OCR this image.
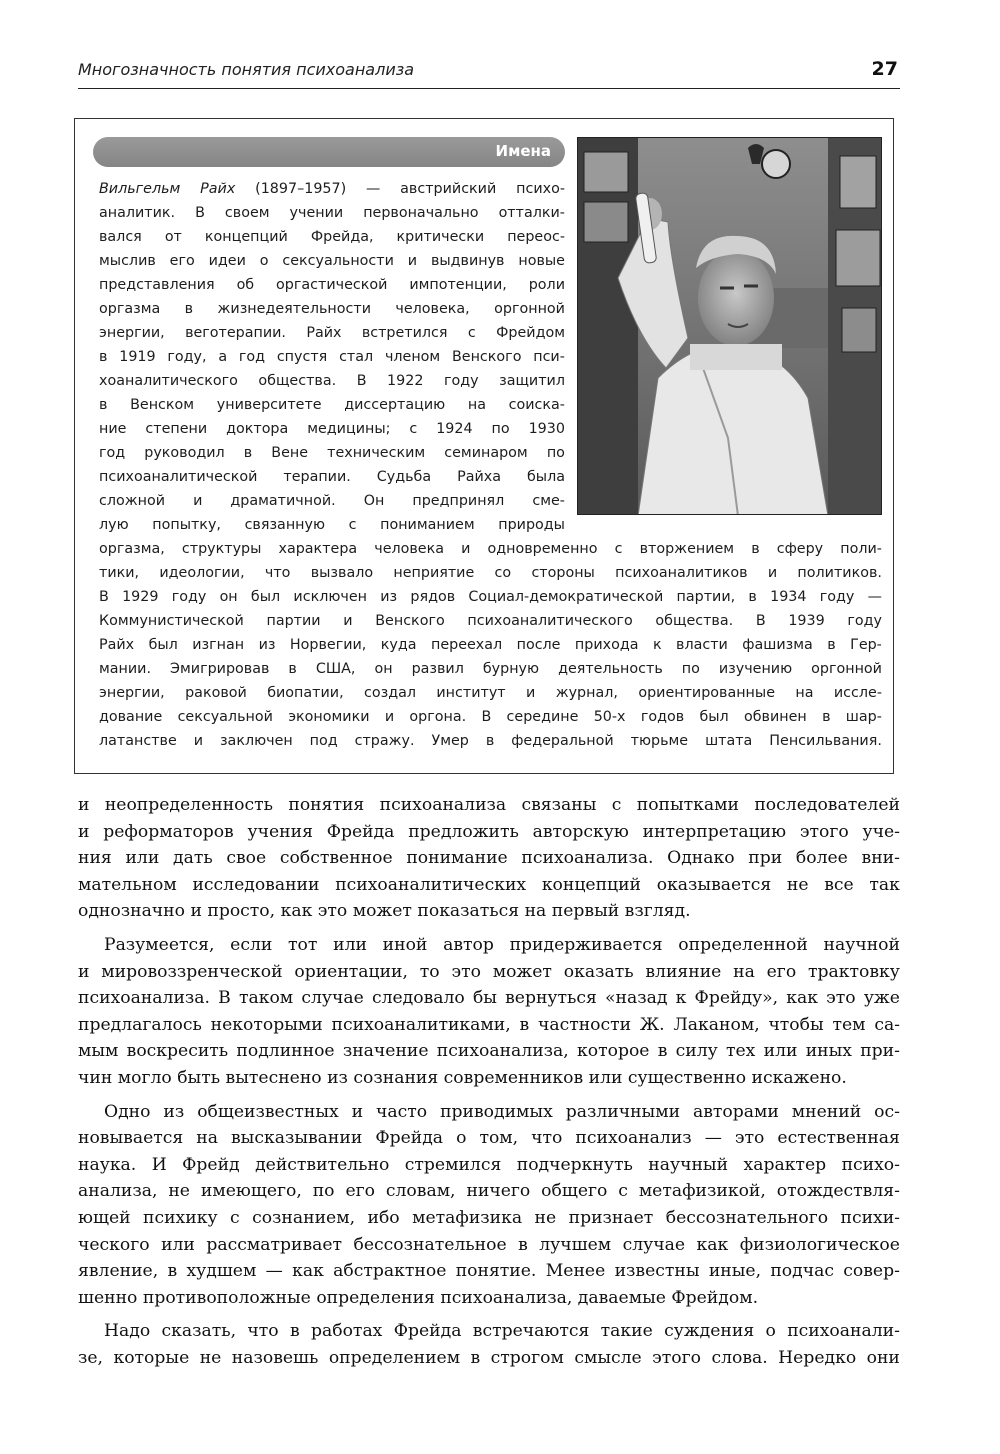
Многозначность понятия психоанализа	27
Имена
Вильгельм Райх (1897–1957) — австрийский психо-
аналитик. В своем учении первоначально отталки-
вался от концепций Фрейда, критически переос-
мыслив его идеи о сексуальности и выдвинув новые
представления об оргастической импотенции, роли
оргазма в жизнедеятельности человека, оргонной
энергии, веготерапии. Райх встретился с Фрейдом
в 1919 году, а год спустя стал членом Венского пси-
хоаналитического общества. В 1922 году защитил
в Венском университете диссертацию на соиска-
ние степени доктора медицины; с 1924 по 1930
год руководил в Вене техническим семинаром по
психоаналитической терапии. Судьба Райха была
сложной и драматичной. Он предпринял сме-
лую попытку, связанную с пониманием природы
оргазма, структуры характера человека и одновременно с вторжением в сферу поли-
тики, идеологии, что вызвало неприятие со стороны психоаналитиков и политиков.
В 1929 году он был исключен из рядов Социал-демократической партии, в 1934 году —
Коммунистической партии и Венского психоаналитического общества. В 1939 году
Райх был изгнан из Норвегии, куда переехал после прихода к власти фашизма в Гер-
мании. Эмигрировав в США, он развил бурную деятельность по изучению оргонной
энергии, раковой биопатии, создал институт и журнал, ориентированные на иссле-
дование сексуальной экономики и оргона. В середине 50-х годов был обвинен в шар-
латанстве и заключен под стражу. Умер в федеральной тюрьме штата Пенсильвания.
и неопределенность понятия психоанализа связаны с попытками последователей
и реформаторов учения Фрейда предложить авторскую интерпретацию этого уче-
ния или дать свое собственное понимание психоанализа. Однако при более вни-
мательном исследовании психоаналитических концепций оказывается не все так
однозначно и просто, как это может показаться на первый взгляд.
Разумеется, если тот или иной автор придерживается определенной научной
и мировоззренческой ориентации, то это может оказать влияние на его трактовку
психоанализа. В таком случае следовало бы вернуться «назад к Фрейду», как это уже
предлагалось некоторыми психоаналитиками, в частности Ж. Лаканом, чтобы тем са-
мым воскресить подлинное значение психоанализа, которое в силу тех или иных при-
чин могло быть вытеснено из сознания современников или существенно искажено.
Одно из общеизвестных и часто приводимых различными авторами мнений ос-
новывается на высказывании Фрейда о том, что психоанализ — это естественная
наука. И Фрейд действительно стремился подчеркнуть научный характер психо-
анализа, не имеющего, по его словам, ничего общего с метафизикой, отождествля-
ющей психику с сознанием, ибо метафизика не признает бессознательного психи-
ческого или рассматривает бессознательное в лучшем случае как физиологическое
явление, в худшем — как абстрактное понятие. Менее известны иные, подчас совер-
шенно противоположные определения психоанализа, даваемые Фрейдом.
Надо сказать, что в работах Фрейда встречаются такие суждения о психоанали-
зе, которые не назовешь определением в строгом смысле этого слова. Нередко они
